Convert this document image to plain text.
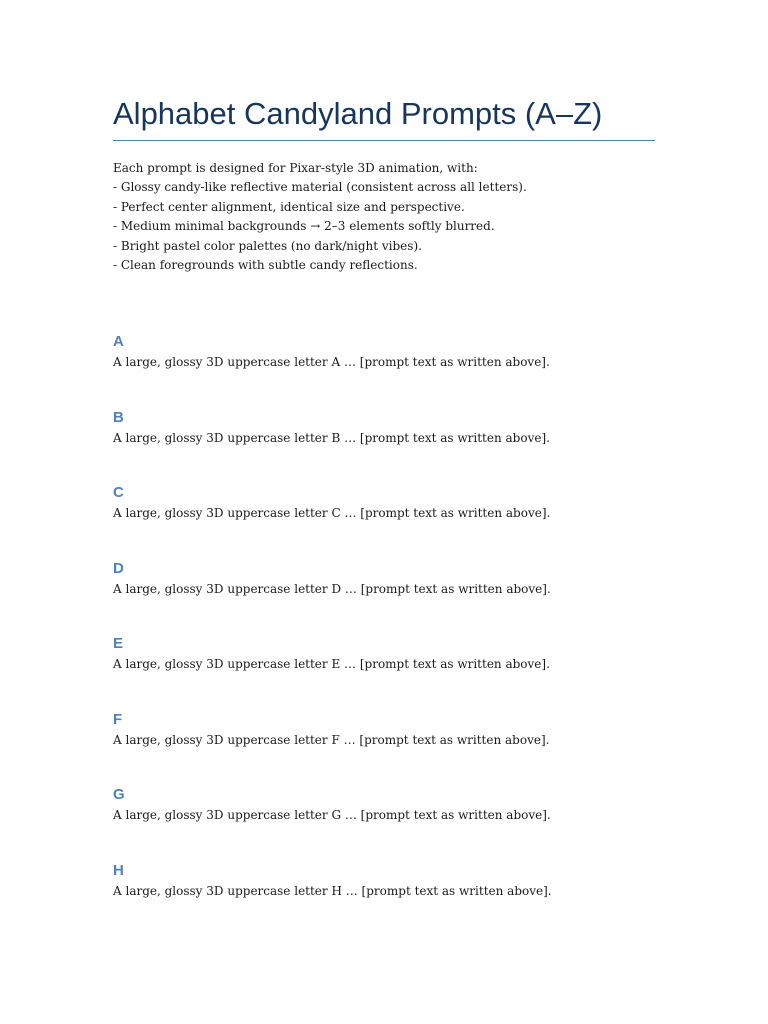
Alphabet Candyland Prompts (A–Z)
Each prompt is designed for Pixar-style 3D animation, with:
- Glossy candy-like reflective material (consistent across all letters).
- Perfect center alignment, identical size and perspective.
- Medium minimal backgrounds → 2–3 elements softly blurred.
- Bright pastel color palettes (no dark/night vibes).
- Clean foregrounds with subtle candy reflections.
A

A large, glossy 3D uppercase letter A … [prompt text as written above].

B

A large, glossy 3D uppercase letter B … [prompt text as written above].

C

A large, glossy 3D uppercase letter C … [prompt text as written above].

D

A large, glossy 3D uppercase letter D … [prompt text as written above].

E

A large, glossy 3D uppercase letter E … [prompt text as written above].

F

A large, glossy 3D uppercase letter F … [prompt text as written above].

G

A large, glossy 3D uppercase letter G … [prompt text as written above].

H

A large, glossy 3D uppercase letter H … [prompt text as written above].
